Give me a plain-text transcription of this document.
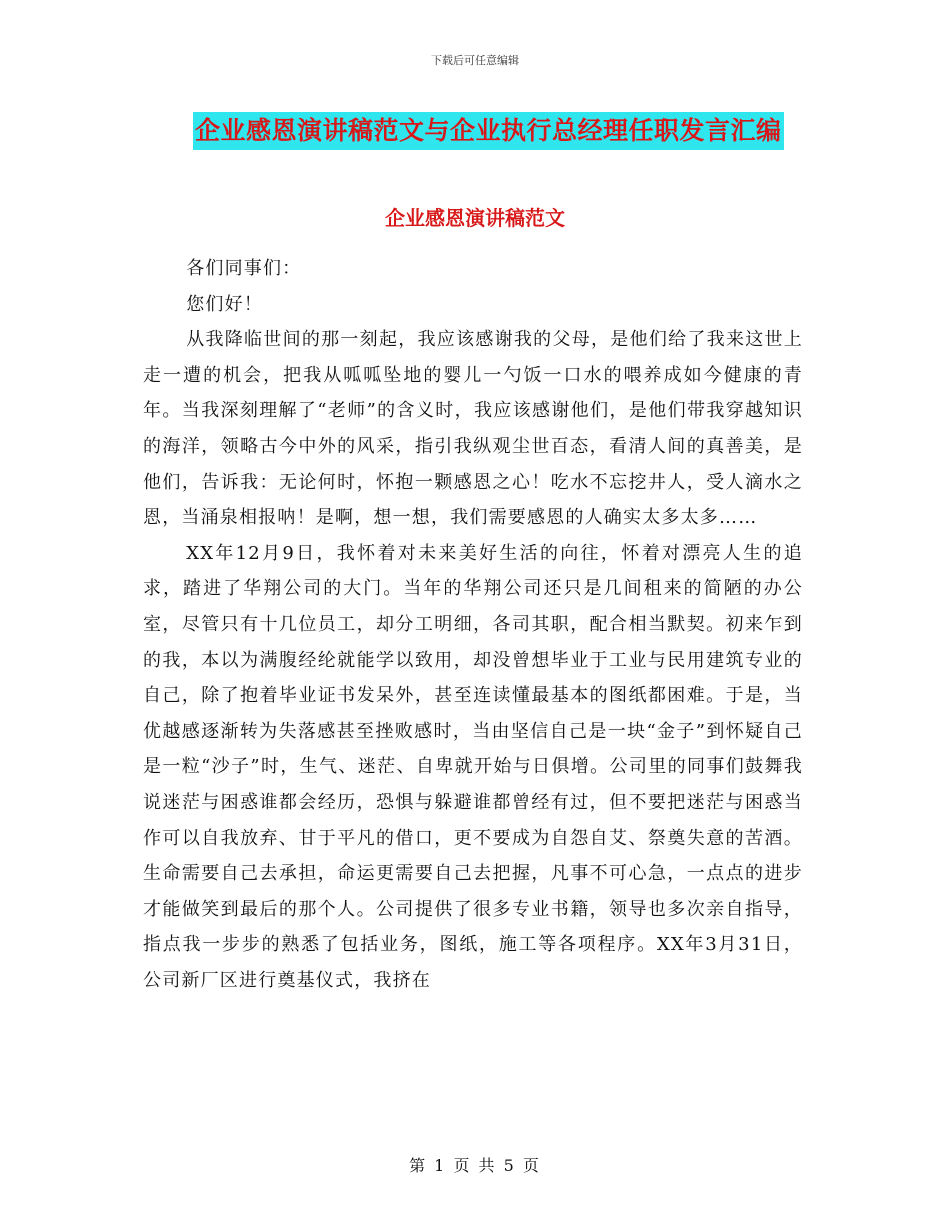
下载后可任意编辑
企业感恩演讲稿范文与企业执行总经理任职发言汇编
企业感恩演讲稿范文

各们同事们：

您们好！

从我降临世间的那一刻起，我应该感谢我的父母，是他们给了我来这世上走一遭的机会，把我从呱呱坠地的婴儿一勺饭一口水的喂养成如今健康的青年。当我深刻理解了“老师”的含义时，我应该感谢他们，是他们带我穿越知识的海洋，领略古今中外的风采，指引我纵观尘世百态，看清人间的真善美，是他们，告诉我：无论何时，怀抱一颗感恩之心！吃水不忘挖井人，受人滴水之恩，当涌泉相报呐！是啊，想一想，我们需要感恩的人确实太多太多……

XX年12月9日，我怀着对未来美好生活的向往，怀着对漂亮人生的追求，踏进了华翔公司的大门。当年的华翔公司还只是几间租来的简陋的办公室，尽管只有十几位员工，却分工明细，各司其职，配合相当默契。初来乍到的我，本以为满腹经纶就能学以致用，却没曾想毕业于工业与民用建筑专业的自己，除了抱着毕业证书发呆外，甚至连读懂最基本的图纸都困难。于是，当优越感逐渐转为失落感甚至挫败感时，当由坚信自己是一块“金子”到怀疑自己是一粒“沙子”时，生气、迷茫、自卑就开始与日俱增。公司里的同事们鼓舞我说迷茫与困惑谁都会经历，恐惧与躲避谁都曾经有过，但不要把迷茫与困惑当作可以自我放弃、甘于平凡的借口，更不要成为自怨自艾、祭奠失意的苦酒。生命需要自己去承担，命运更需要自己去把握，凡事不可心急，一点点的进步才能做笑到最后的那个人。公司提供了很多专业书籍，领导也多次亲自指导，指点我一步步的熟悉了包括业务，图纸，施工等各项程序。XX年3月31日，公司新厂区进行奠基仪式，我挤在

第 1 页 共 5 页
